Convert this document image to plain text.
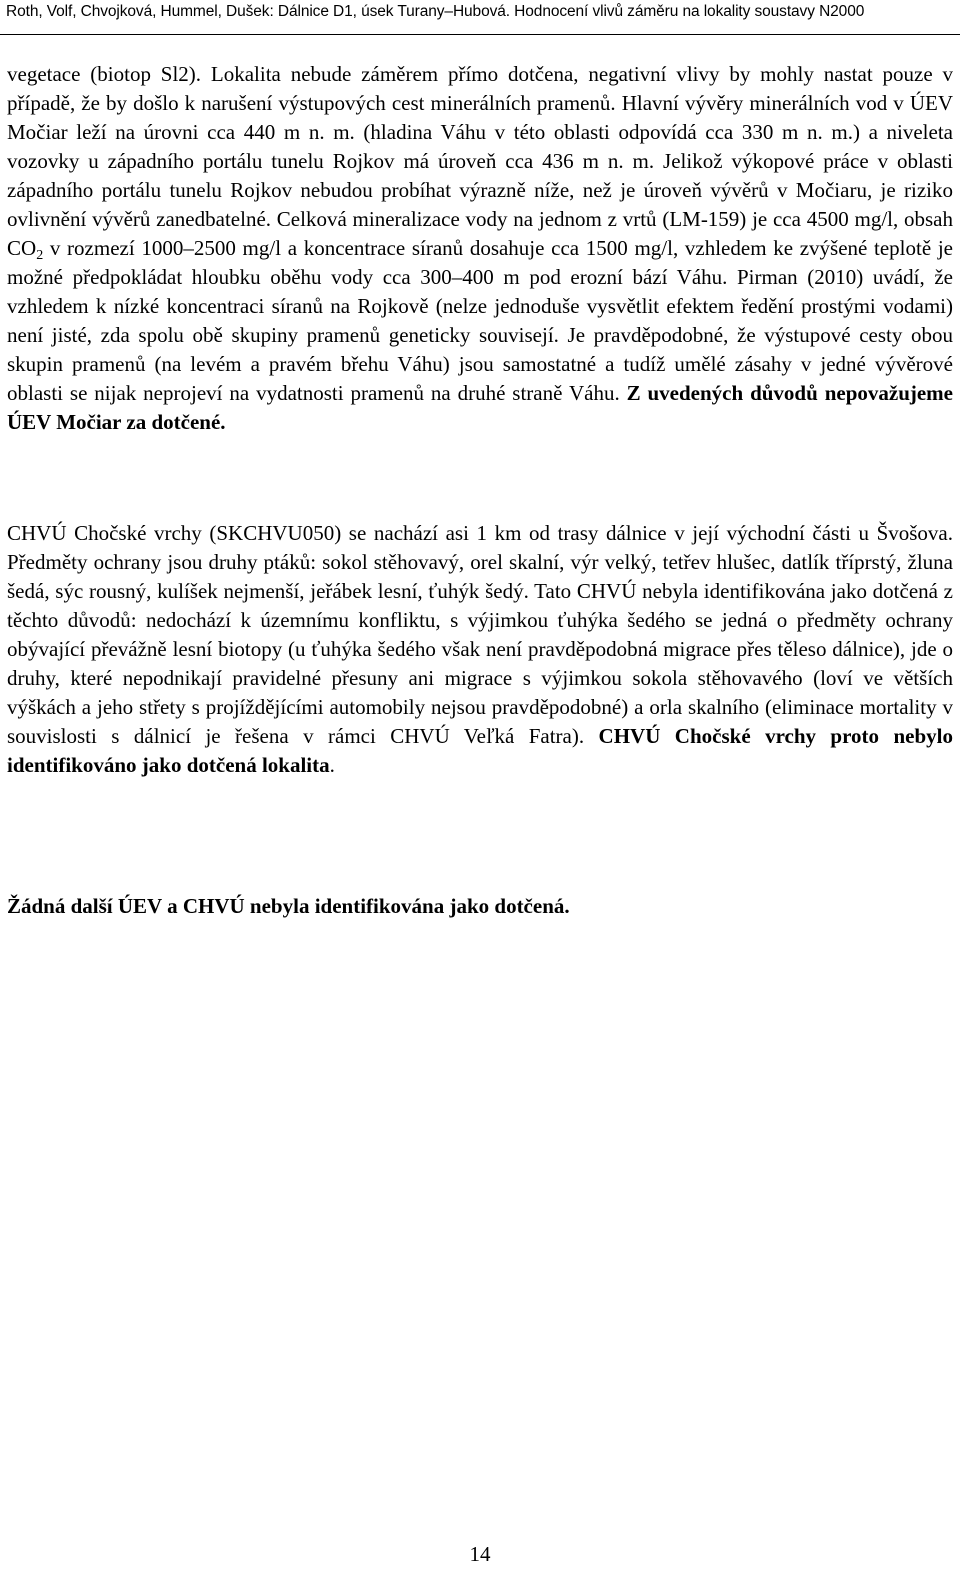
Roth, Volf, Chvojková, Hummel, Dušek: Dálnice D1, úsek Turany–Hubová. Hodnocení vlivů záměru na lokality soustavy N2000

vegetace (biotop Sl2). Lokalita nebude záměrem přímo dotčena, negativní vlivy by mohly nastat pouze v případě, že by došlo k narušení výstupových cest minerálních pramenů. Hlavní vývěry minerálních vod v ÚEV Močiar leží na úrovni cca 440 m n. m. (hladina Váhu v této oblasti odpovídá cca 330 m n. m.) a niveleta vozovky u západního portálu tunelu Rojkov má úroveň cca 436 m n. m. Jelikož výkopové práce v oblasti západního portálu tunelu Rojkov nebudou probíhat výrazně níže, než je úroveň vývěrů v Močiaru, je riziko ovlivnění vývěrů zanedbatelné. Celková mineralizace vody na jednom z vrtů (LM-159) je cca 4500 mg/l, obsah $CO_2$ v rozmezí 1000–2500 mg/l a koncentrace síranů dosahuje cca 1500 mg/l, vzhledem ke zvýšené teplotě je možné předpokládat hloubku oběhu vody cca 300–400 m pod erozní bází Váhu. Pirman (2010) uvádí, že vzhledem k nízké koncentraci síranů na Rojkově (nelze jednoduše vysvětlit efektem ředění prostými vodami) není jisté, zda spolu obě skupiny pramenů geneticky souvisejí. Je pravděpodobné, že výstupové cesty obou skupin pramenů (na levém a pravém břehu Váhu) jsou samostatné a tudíž umělé zásahy v jedné vývěrové oblasti se nijak neprojeví na vydatnosti pramenů na druhé straně Váhu. Z uvedených důvodů nepovažujeme ÚEV Močiar za dotčené.

CHVÚ Chočské vrchy (SKCHVU050) se nachází asi 1 km od trasy dálnice v její východní části u Švošova. Předměty ochrany jsou druhy ptáků: sokol stěhovavý, orel skalní, výr velký, tetřev hlušec, datlík tříprstý, žluna šedá, sýc rousný, kulíšek nejmenší, jeřábek lesní, ťuhýk šedý. Tato CHVÚ nebyla identifikována jako dotčená z těchto důvodů: nedochází k územnímu konfliktu, s výjimkou ťuhýka šedého se jedná o předměty ochrany obývající převážně lesní biotopy (u ťuhýka šedého však není pravděpodobná migrace přes těleso dálnice), jde o druhy, které nepodnikají pravidelné přesuny ani migrace s výjimkou sokola stěhovavého (loví ve větších výškách a jeho střety s projíždějícími automobily nejsou pravděpodobné) a orla skalního (eliminace mortality v souvislosti s dálnicí je řešena v rámci CHVÚ Veľká Fatra). CHVÚ Chočské vrchy proto nebylo identifikováno jako dotčená lokalita.

Žádná další ÚEV a CHVÚ nebyla identifikována jako dotčená.

14
